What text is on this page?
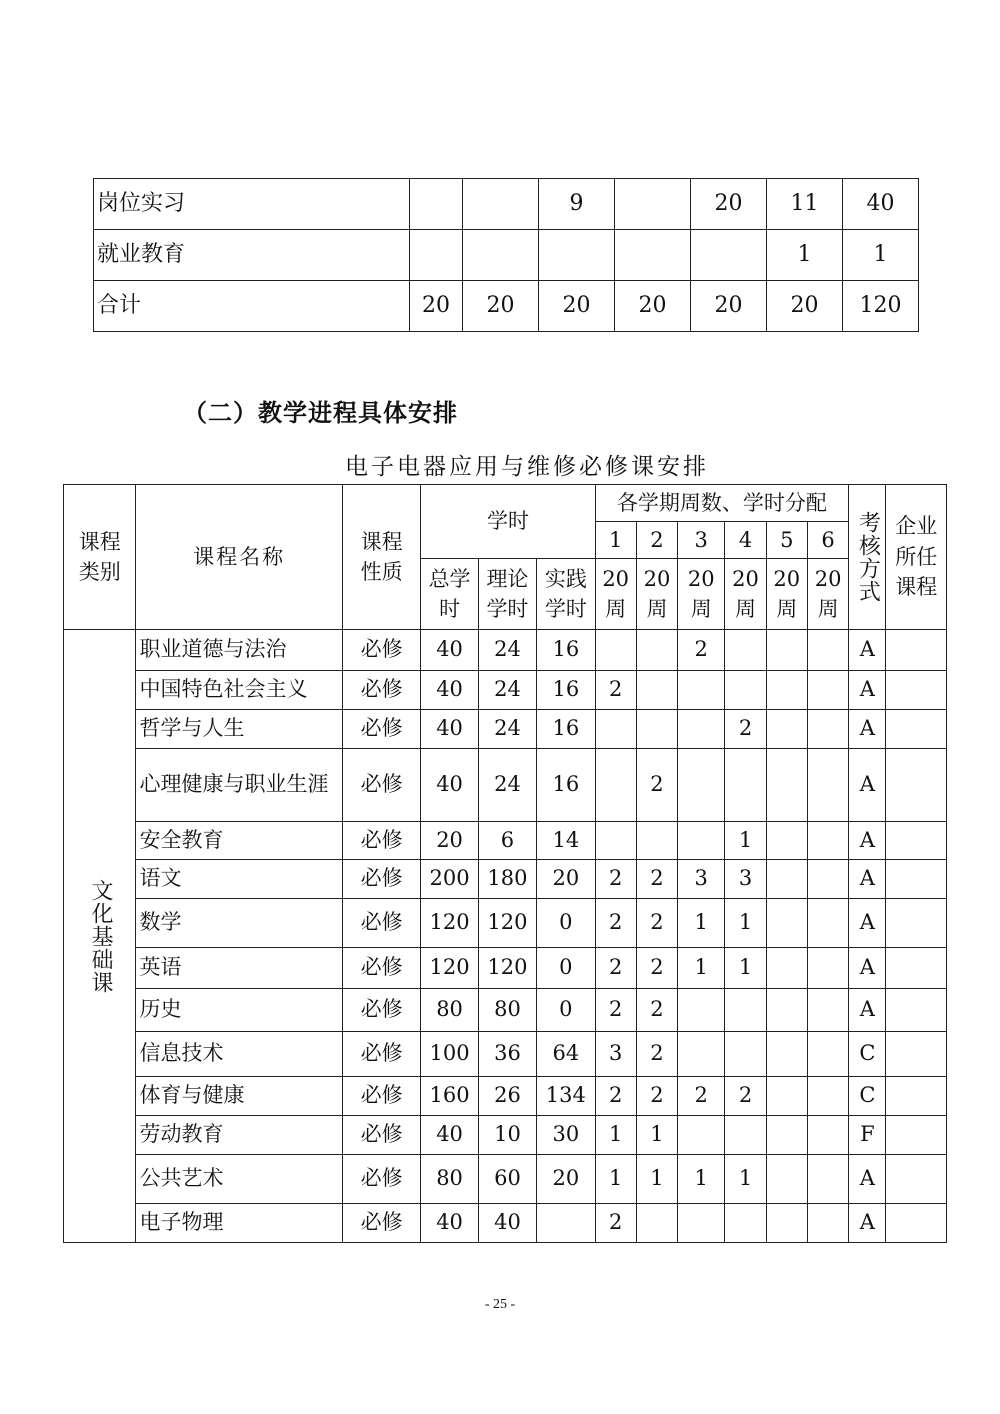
岗位实习			9		20	11	40
就业教育						1	1
合计	20	20	20	20	20	20	120
（二）教学进程具体安排
电子电器应用与维修必修课安排
课程类别	课程名称	课程性质	学时			各学期周数、学时分配						考核方式	企业所任课程
						1	2	3	4	5	6		
			总学时	理论学时	实践学时	20周	20周	20周	20周	20周	20周		

文化基础课	职业道德与法治	必修	40	24	16			2				A	
	中国特色社会主义	必修	40	24	16	2						A	
	哲学与人生	必修	40	24	16				2			A	
	心理健康与职业生涯	必修	40	24	16		2					A	
	安全教育	必修	20	6	14				1			A	
	语文	必修	200	180	20	2	2	3	3			A	
	数学	必修	120	120	0	2	2	1	1			A	
	英语	必修	120	120	0	2	2	1	1			A	
	历史	必修	80	80	0	2	2					A	
	信息技术	必修	100	36	64	3	2					C	
	体育与健康	必修	160	26	134	2	2	2	2			C	
	劳动教育	必修	40	10	30	1	1					F	
	公共艺术	必修	80	60	20	1	1	1	1			A	
	电子物理	必修	40	40		2						A	
- 25 -
